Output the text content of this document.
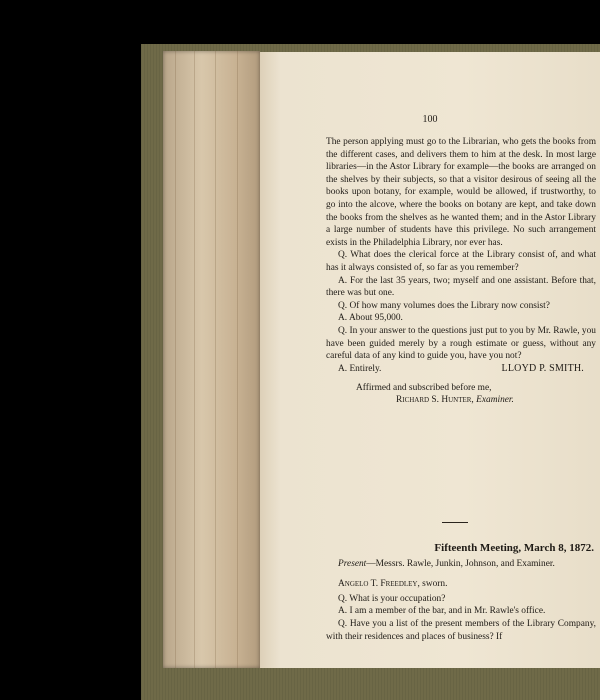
100

The person applying must go to the Librarian, who gets the books from the different cases, and delivers them to him at the desk. In most large libraries—in the Astor Library for example—the books are arranged on the shelves by their subjects, so that a visitor desirous of seeing all the books upon botany, for example, would be allowed, if trustworthy, to go into the alcove, where the books on botany are kept, and take down the books from the shelves as he wanted them; and in the Astor Library a large number of students have this privilege. No such arrangement exists in the Philadelphia Library, nor ever has.

Q. What does the clerical force at the Library consist of, and what has it always consisted of, so far as you remember?

A. For the last 35 years, two; myself and one assistant. Before that, there was but one.

Q. Of how many volumes does the Library now consist?

A. About 95,000.

Q. In your answer to the questions just put to you by Mr. Rawle, you have been guided merely by a rough estimate or guess, without any careful data of any kind to guide you, have you not?

A. Entirely.	LLOYD P. SMITH.

Affirmed and subscribed before me,

Richard S. Hunter, Examiner.

Fifteenth Meeting, March 8, 1872.

Present—Messrs. Rawle, Junkin, Johnson, and Examiner.

Angelo T. Freedley, sworn.

Q. What is your occupation?

A. I am a member of the bar, and in Mr. Rawle's office.

Q. Have you a list of the present members of the Library Company, with their residences and places of business? If
